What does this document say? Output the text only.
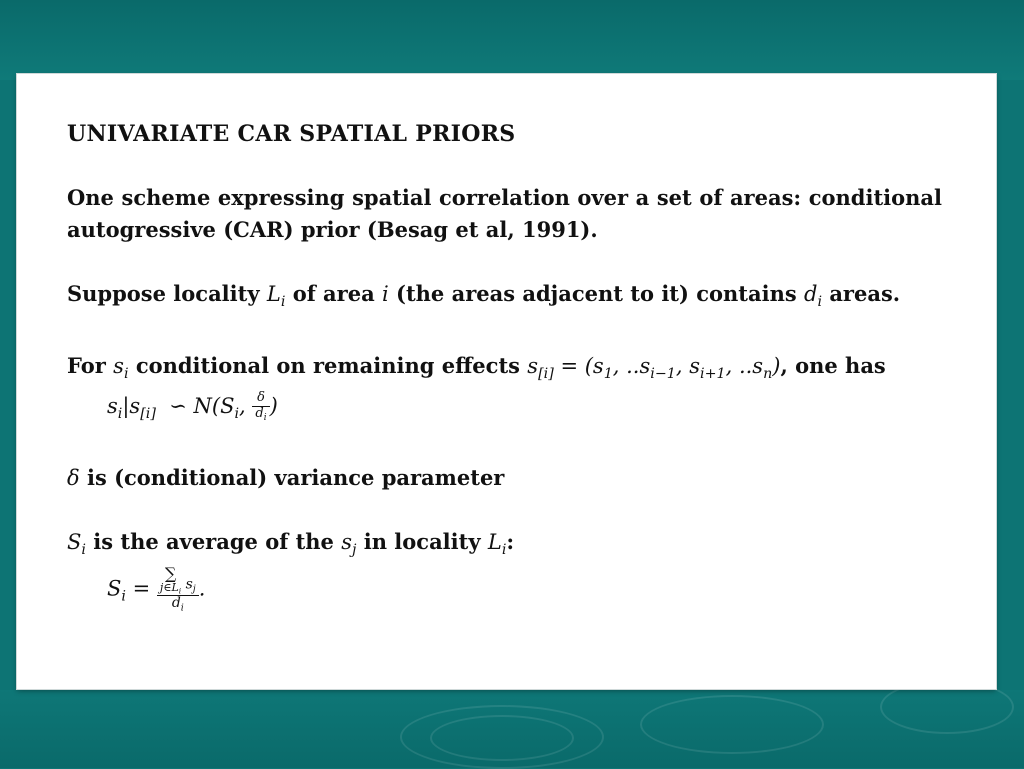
UNIVARIATE CAR SPATIAL PRIORS

One scheme expressing spatial correlation over a set of areas: conditional autogressive (CAR) prior (Besag et al, 1991).

Suppose locality $L_i$ of area i (the areas adjacent to it) contains $d_i$ areas.

For $s_i$ conditional on remaining effects $s_{[i]} = (s_1$, $..s_{i-1}$, $s_{i+1}$, $..s_n$), one has
$s_i|s_{[i]}$  ∽ $N(S_i$, $\frac{\delta}{d_i}$ )

δ is (conditional) variance parameter

$S_i$ is the average of the $s_j$ in locality $L_i$:
$S_i$ = ∑
$j\in L_i$ $s_j$
$d_i$ .
